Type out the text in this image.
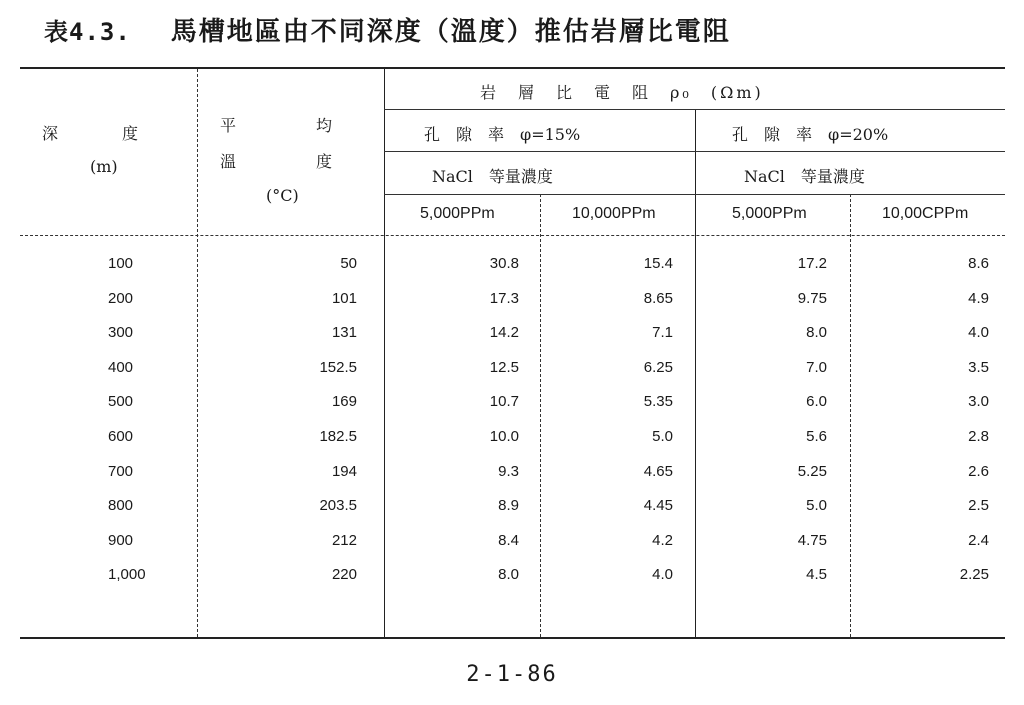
表4.3. 馬槽地區由不同深度（溫度）推估岩層比電阻
深　　　　度
(m)
平　　　　　均
溫　　　　　度
(°C)
岩　層　比　電　阻　ρ₀　(Ωm)
孔　隙　率　φ=15%	孔　隙　率　φ=20%
NaCl　等量濃度	NaCl　等量濃度
5,000PPm	10,000PPm	5,000PPm	10,00CPPm
100	50	30.8	15.4	17.2	8.6
200	101	17.3	8.65	9.75	4.9
300	131	14.2	7.1	8.0	4.0
400	152.5	12.5	6.25	7.0	3.5
500	169	10.7	5.35	6.0	3.0
600	182.5	10.0	5.0	5.6	2.8
700	194	9.3	4.65	5.25	2.6
800	203.5	8.9	4.45	5.0	2.5
900	212	8.4	4.2	4.75	2.4
1,000	220	8.0	4.0	4.5	2.25
2-1-86
